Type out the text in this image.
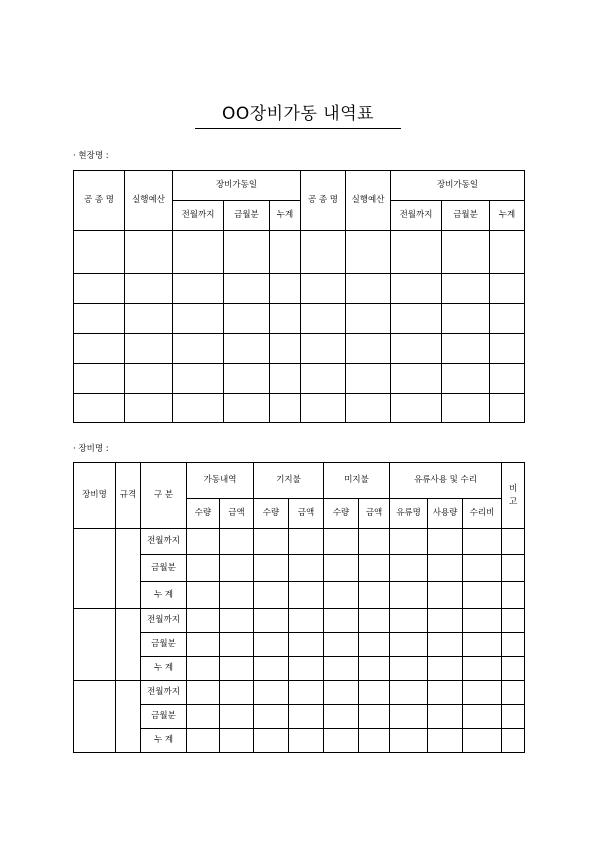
OO장비가동 내역표
· 현장명 :
공 종 명	실행예산	장비가동일			공 종 명	실행예산	장비가동일		
		전월까지	금월분	누계			전월까지	금월분	누계

· 장비명 :
장비명	규격	구 분	가동내역		기지불		미지불		유류사용 및 수리			비
고
			수량	금액	수량	금액	수량	금액	유류명	사용량	수리비	
		전월까지										
		금월분										
		누 계										
		전월까지										
		금월분										
		누 계										
		전월까지										
		금월분										
		누 계										
